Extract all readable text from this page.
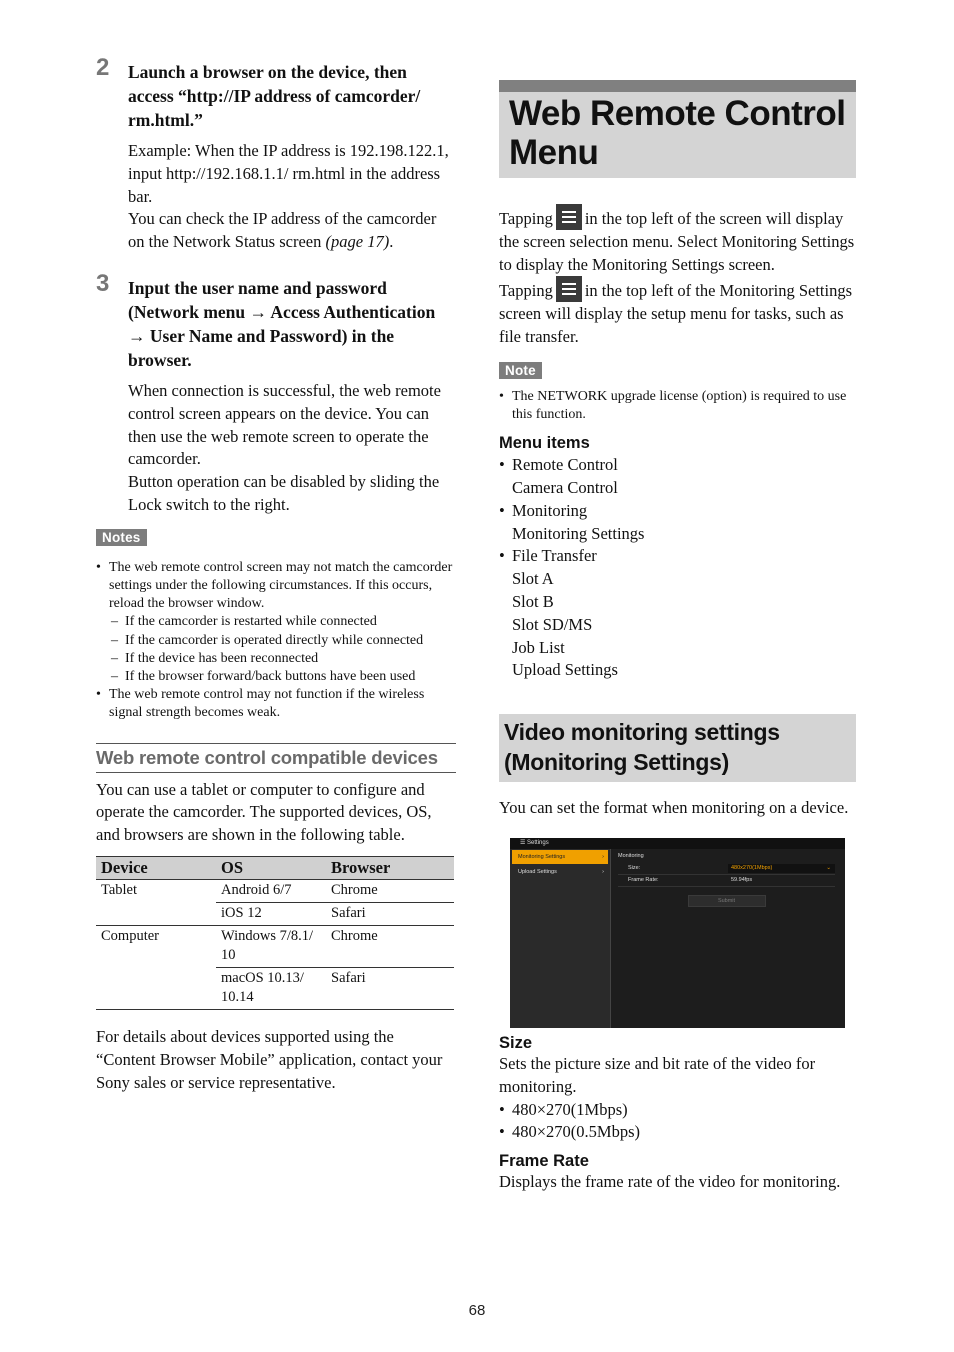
2 Launch a browser on the device, then access “http://IP address of camcorder/ rm.html.”

Example: When the IP address is 192.198.122.1, input http://192.168.1.1/ rm.html in the address bar.

You can check the IP address of the camcorder on the Network Status screen (page 17).

3 Input the user name and password (Network menu → Access Authentication → User Name and Password) in the browser.

When connection is successful, the web remote control screen appears on the device. You can then use the web remote screen to operate the camcorder.

Button operation can be disabled by sliding the Lock switch to the right.

Notes
• The web remote control screen may not match the camcorder settings under the following circumstances. If this occurs, reload the browser window.
– If the camcorder is restarted while connected
– If the camcorder is operated directly while connected
– If the device has been reconnected
– If the browser forward/back buttons have been used
• The web remote control may not function if the wireless signal strength becomes weak.
Web remote control compatible devices

You can use a tablet or computer to configure and operate the camcorder. The supported devices, OS, and browsers are shown in the following table.

Device	OS	Browser
Tablet	Android 6/7	Chrome
	iOS 12	Safari
Computer	Windows 7/8.1/ 10	Chrome
	macOS 10.13/ 10.14	Safari

For details about devices supported using the “Content Browser Mobile” application, contact your Sony sales or service representative.

Web Remote Control Menu

Tapping in the top left of the screen will display the screen selection menu. Select Monitoring Settings to display the Monitoring Settings screen.

Tapping in the top left of the Monitoring Settings screen will display the setup menu for tasks, such as file transfer.

Note
• The NETWORK upgrade license (option) is required to use this function.
Menu items
• Remote Control
Camera Control
• Monitoring
Monitoring Settings
• File Transfer
Slot A
Slot B
Slot SD/MS
Job List
Upload Settings
Video monitoring settings (Monitoring Settings)

You can set the format when monitoring on a device.

☰ Settings
Monitoring Settings	›
Upload Settings	›
Monitoring
Size:	480x270(1Mbps)	⌄
Frame Rate:	59.94fps
Submit
Size

Sets the picture size and bit rate of the video for monitoring.

• 480×270(1Mbps)
• 480×270(0.5Mbps)
Frame Rate

Displays the frame rate of the video for monitoring.

68
